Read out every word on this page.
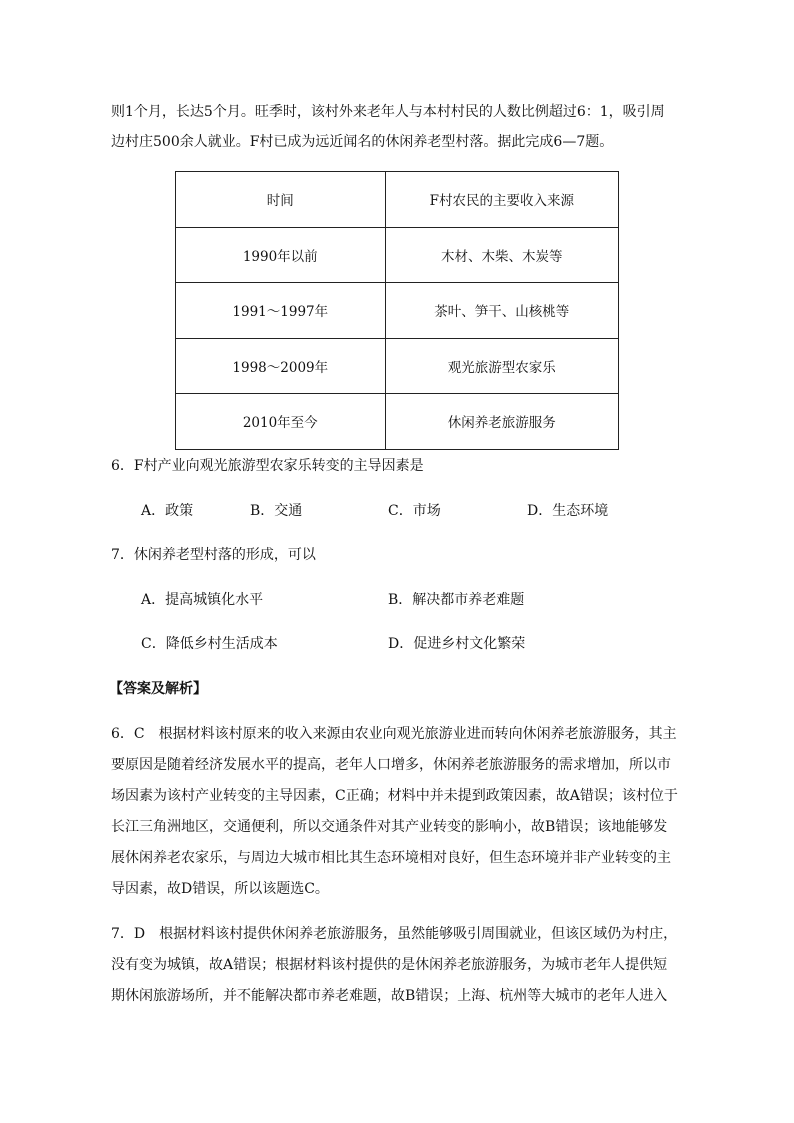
则1个月，长达5个月。旺季时，该村外来老年人与本村村民的人数比例超过6：1，吸引周
边村庄500余人就业。F村已成为远近闻名的休闲养老型村落。据此完成6—7题。
时间	F村农民的主要收入来源
1990年以前	木材、木柴、木炭等
1991～1997年	茶叶、笋干、山核桃等
1998～2009年	观光旅游型农家乐
2010年至今	休闲养老旅游服务
6．F村产业向观光旅游型农家乐转变的主导因素是
A．政策	B．交通	C．市场	D．生态环境
7．休闲养老型村落的形成，可以
A．提高城镇化水平	B．解决都市养老难题
C．降低乡村生活成本	D．促进乡村文化繁荣
【答案及解析】
6．C　根据材料该村原来的收入来源由农业向观光旅游业进而转向休闲养老旅游服务，其主
要原因是随着经济发展水平的提高，老年人口增多，休闲养老旅游服务的需求增加，所以市
场因素为该村产业转变的主导因素，C正确；材料中并未提到政策因素，故A错误；该村位于
长江三角洲地区，交通便利，所以交通条件对其产业转变的影响小，故B错误；该地能够发
展休闲养老农家乐，与周边大城市相比其生态环境相对良好，但生态环境并非产业转变的主
导因素，故D错误，所以该题选C。
7．D　根据材料该村提供休闲养老旅游服务，虽然能够吸引周围就业，但该区域仍为村庄，
没有变为城镇，故A错误；根据材料该村提供的是休闲养老旅游服务，为城市老年人提供短
期休闲旅游场所，并不能解决都市养老难题，故B错误；上海、杭州等大城市的老年人进入
